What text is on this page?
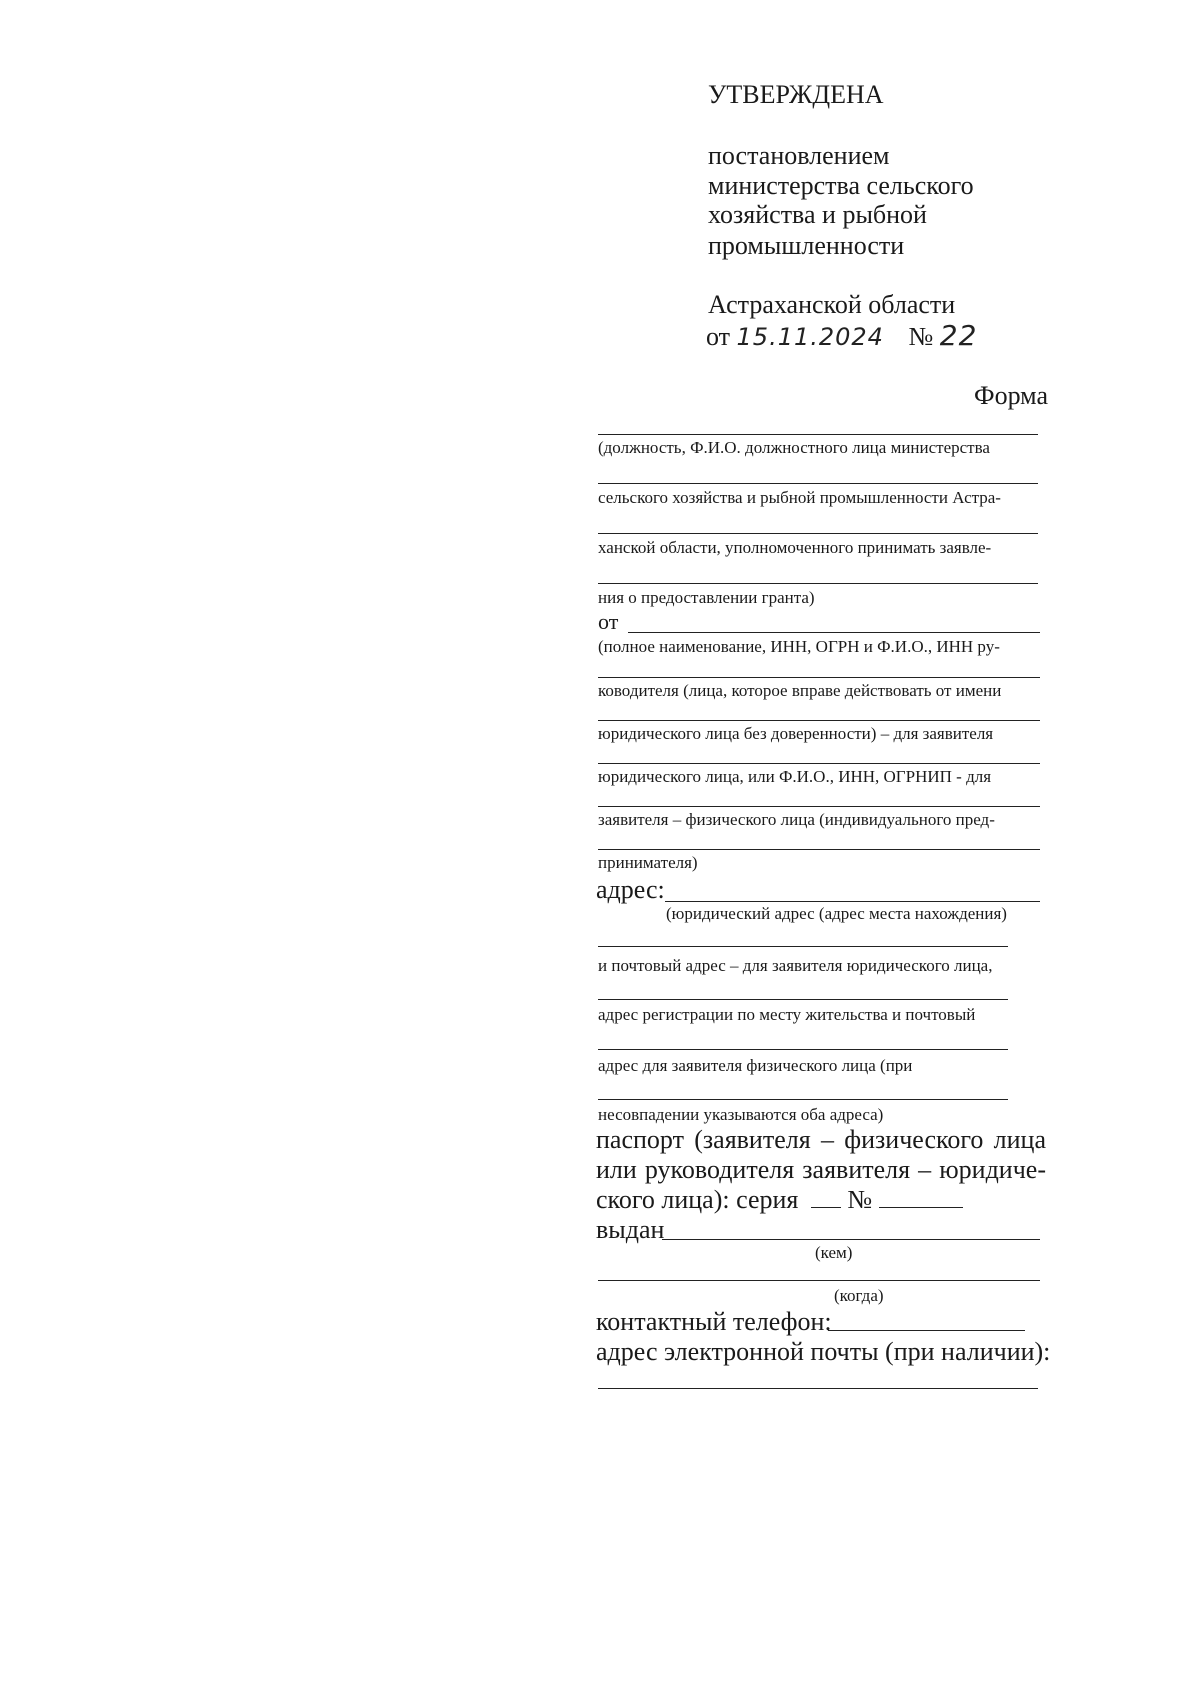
УТВЕРЖДЕНА
постановлением
министерства сельского
хозяйства и рыбной
промышленности
Астраханской области
от 15.11.2024 № 22
Форма
(должность, Ф.И.О. должностного лица министерства
сельского хозяйства и рыбной промышленности Астра-
ханской области, уполномоченного принимать заявле-
ния о предоставлении гранта)
от
(полное наименование, ИНН, ОГРН и Ф.И.О., ИНН ру-
ководителя (лица, которое вправе действовать от имени
юридического лица без доверенности) – для заявителя
юридического лица, или Ф.И.О., ИНН, ОГРНИП - для
заявителя – физического лица (индивидуального пред-
принимателя)
адрес:
(юридический адрес (адрес места нахождения)
и почтовый адрес – для заявителя юридического лица,
адрес регистрации по месту жительства и почтовый
адрес для заявителя физического лица (при
несовпадении указываются оба адреса)
паспорт (заявителя – физического лица
или руководителя заявителя – юридиче-
ского лица): серия №
выдан
(кем)
(когда)
контактный телефон:
адрес электронной почты (при наличии):
